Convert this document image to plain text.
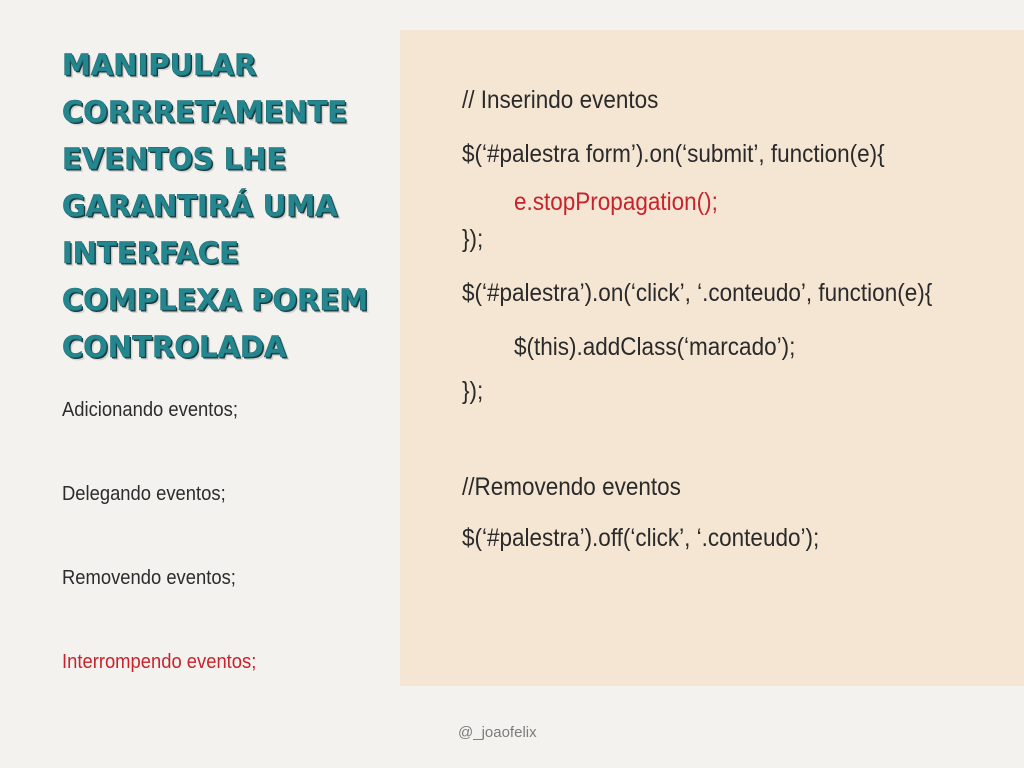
MANIPULAR
CORRRETAMENTE
EVENTOS LHE
GARANTIRÁ UMA
INTERFACE
COMPLEXA POREM
CONTROLADA
Adicionando eventos;
Delegando eventos;
Removendo eventos;
Interrompendo eventos;
// Inserindo eventos
$(‘#palestra form’).on(‘submit’, function(e){
e.stopPropagation();
});
$(‘#palestra’).on(‘click’, ‘.conteudo’, function(e){
$(this).addClass(‘marcado’);
});
//Removendo eventos
$(‘#palestra’).off(‘click’, ‘.conteudo’);
@_joaofelix
